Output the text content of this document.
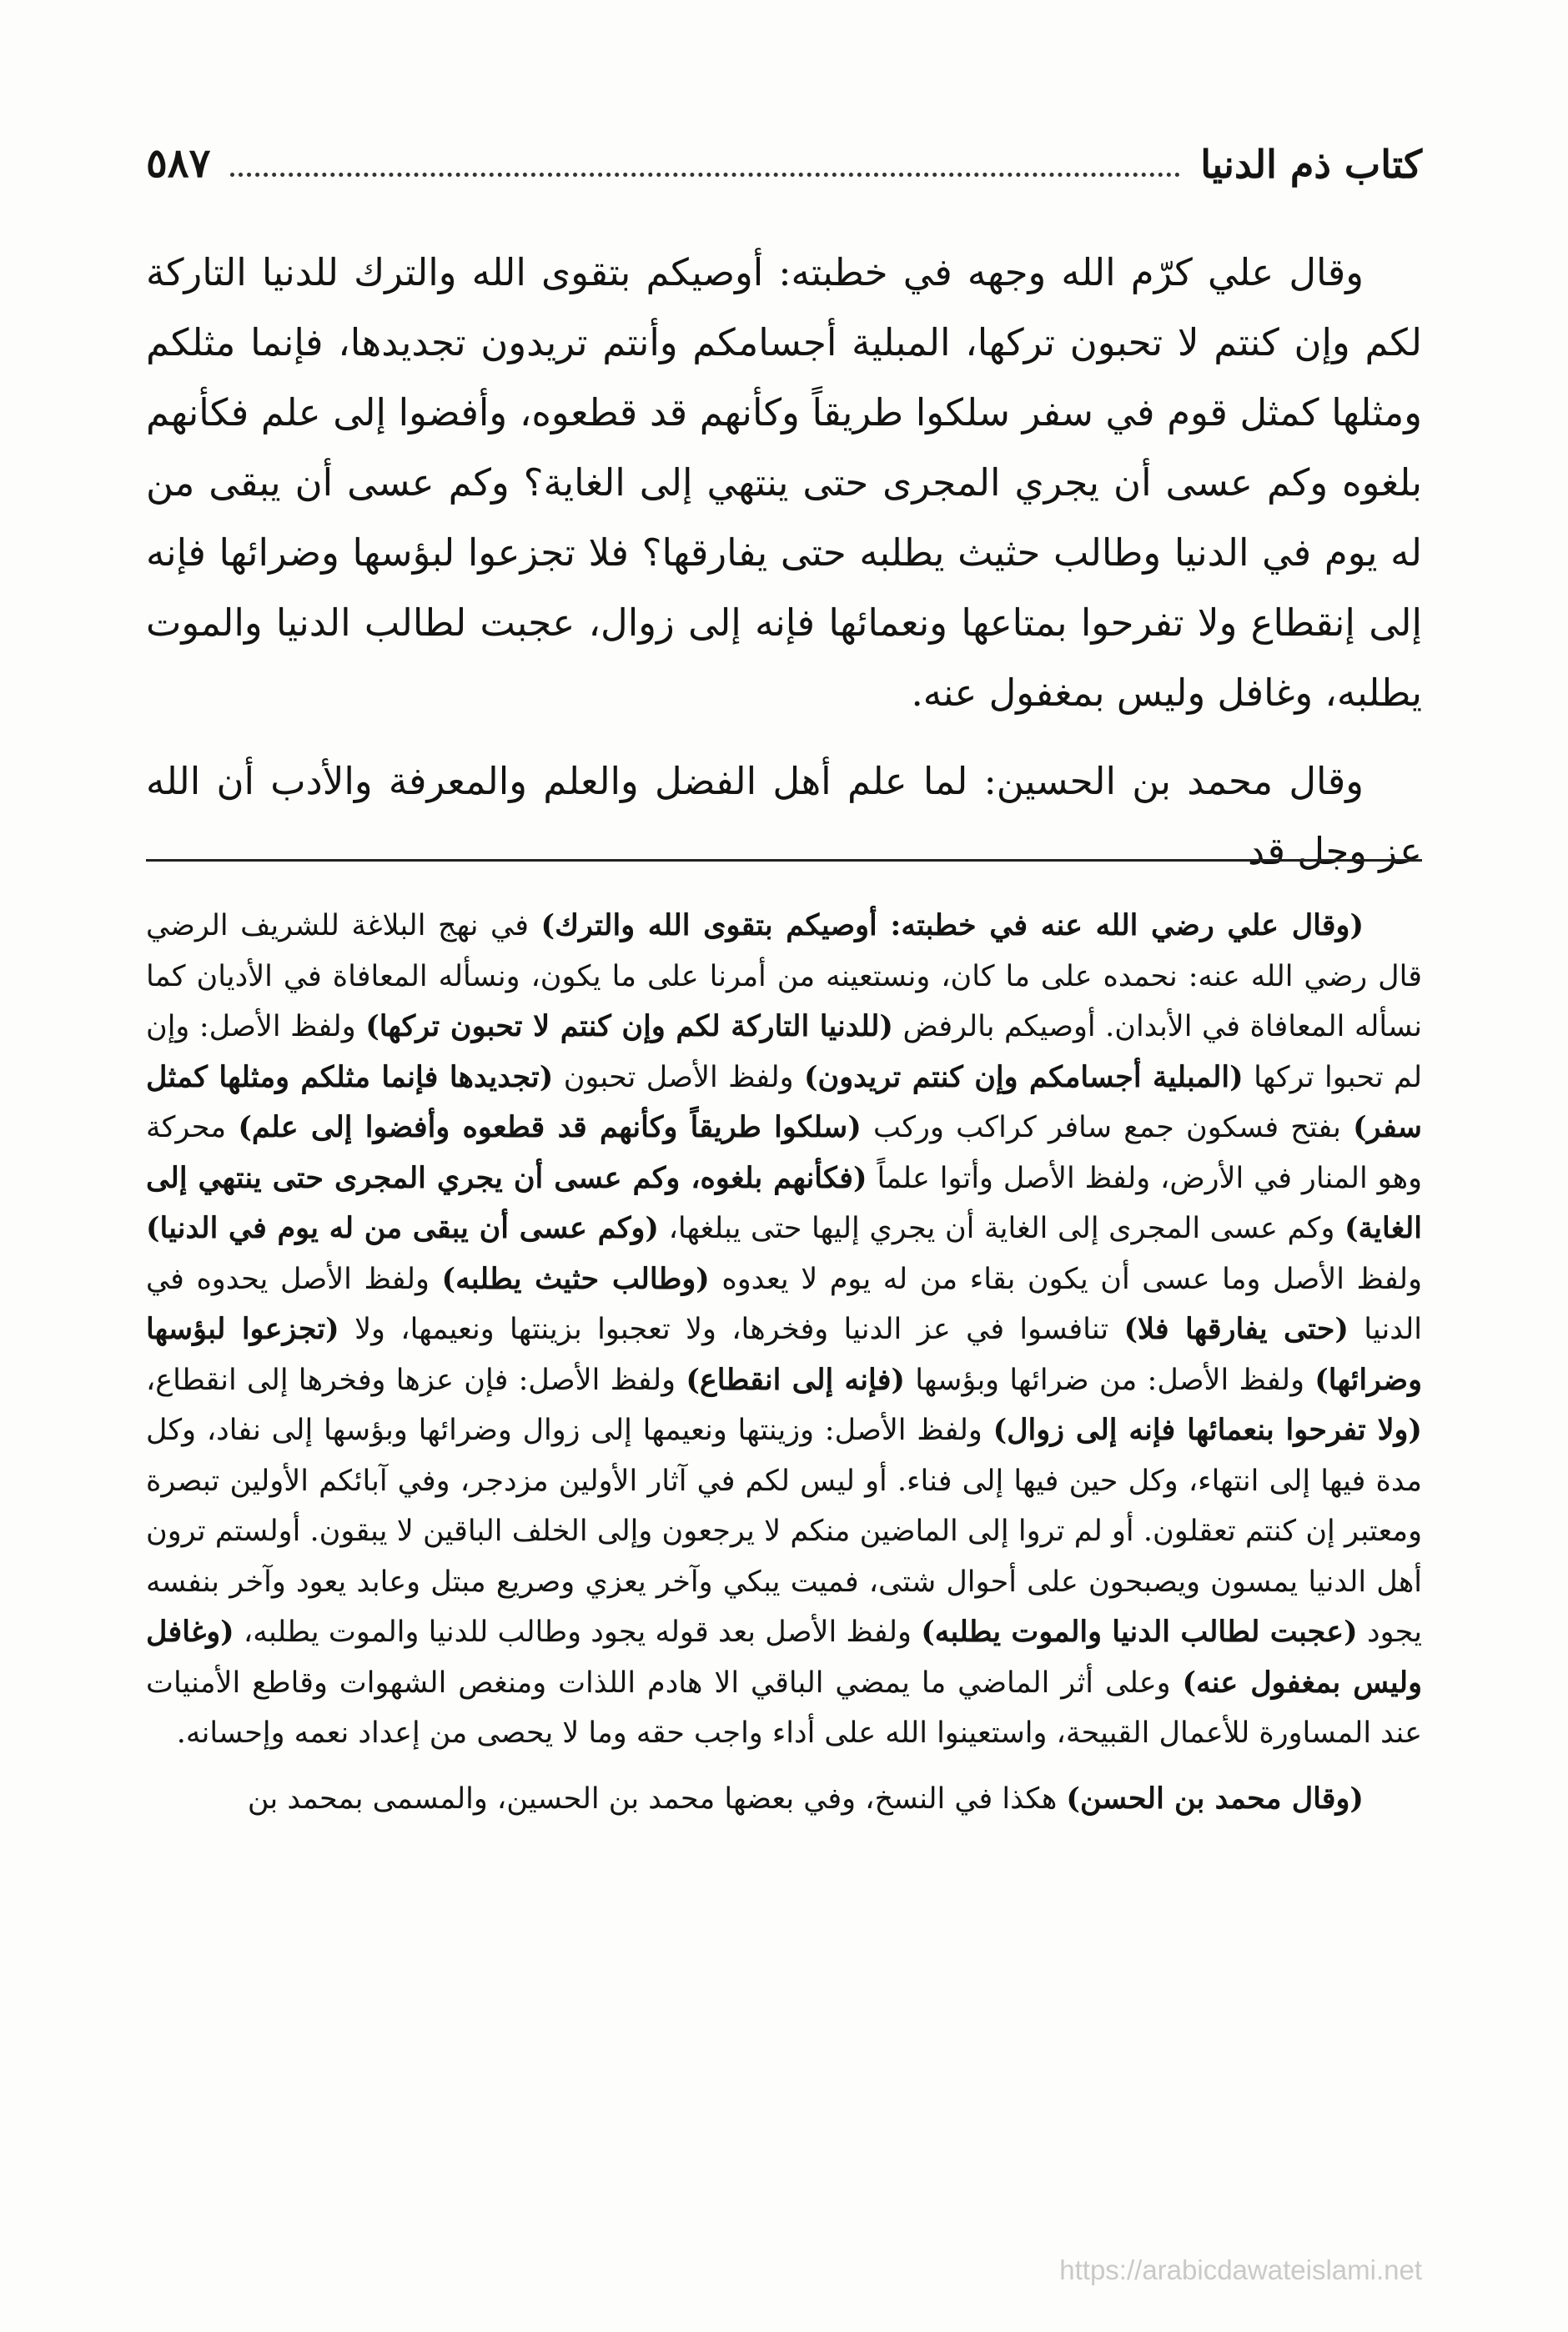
كتاب ذم الدنيا
٥٨٧

وقال علي كرّم الله وجهه في خطبته: أوصيكم بتقوى الله والترك للدنيا التاركة لكم وإن كنتم لا تحبون تركها، المبلية أجسامكم وأنتم تريدون تجديدها، فإنما مثلكم ومثلها كمثل قوم في سفر سلكوا طريقاً وكأنهم قد قطعوه، وأفضوا إلى علم فكأنهم بلغوه وكم عسى أن يجري المجرى حتى ينتهي إلى الغاية؟ وكم عسى أن يبقى من له يوم في الدنيا وطالب حثيث يطلبه حتى يفارقها؟ فلا تجزعوا لبؤسها وضرائها فإنه إلى إنقطاع ولا تفرحوا بمتاعها ونعمائها فإنه إلى زوال، عجبت لطالب الدنيا والموت يطلبه، وغافل وليس بمغفول عنه.

وقال محمد بن الحسين: لما علم أهل الفضل والعلم والمعرفة والأدب أن الله عز وجل قد

(وقال علي رضي الله عنه في خطبته: أوصيكم بتقوى الله والترك) في نهج البلاغة للشريف الرضي قال رضي الله عنه: نحمده على ما كان، ونستعينه من أمرنا على ما يكون، ونسأله المعافاة في الأديان كما نسأله المعافاة في الأبدان. أوصيكم بالرفض (للدنيا التاركة لكم وإن كنتم لا تحبون تركها) ولفظ الأصل: وإن لم تحبوا تركها (المبلية أجسامكم وإن كنتم تريدون) ولفظ الأصل تحبون (تجديدها فإنما مثلكم ومثلها كمثل سفر) بفتح فسكون جمع سافر كراكب وركب (سلكوا طريقاً وكأنهم قد قطعوه وأفضوا إلى علم) محركة وهو المنار في الأرض، ولفظ الأصل وأتوا علماً (فكأنهم بلغوه، وكم عسى أن يجري المجرى حتى ينتهي إلى الغاية) وكم عسى المجرى إلى الغاية أن يجري إليها حتى يبلغها، (وكم عسى أن يبقى من له يوم في الدنيا) ولفظ الأصل وما عسى أن يكون بقاء من له يوم لا يعدوه (وطالب حثيث يطلبه) ولفظ الأصل يحدوه في الدنيا (حتى يفارقها فلا) تنافسوا في عز الدنيا وفخرها، ولا تعجبوا بزينتها ونعيمها، ولا (تجزعوا لبؤسها وضرائها) ولفظ الأصل: من ضرائها وبؤسها (فإنه إلى انقطاع) ولفظ الأصل: فإن عزها وفخرها إلى انقطاع، (ولا تفرحوا بنعمائها فإنه إلى زوال) ولفظ الأصل: وزينتها ونعيمها إلى زوال وضرائها وبؤسها إلى نفاد، وكل مدة فيها إلى انتهاء، وكل حين فيها إلى فناء. أو ليس لكم في آثار الأولين مزدجر، وفي آبائكم الأولين تبصرة ومعتبر إن كنتم تعقلون. أو لم تروا إلى الماضين منكم لا يرجعون وإلى الخلف الباقين لا يبقون. أولستم ترون أهل الدنيا يمسون ويصبحون على أحوال شتى، فميت يبكي وآخر يعزي وصريع مبتل وعابد يعود وآخر بنفسه يجود (عجبت لطالب الدنيا والموت يطلبه) ولفظ الأصل بعد قوله يجود وطالب للدنيا والموت يطلبه، (وغافل وليس بمغفول عنه) وعلى أثر الماضي ما يمضي الباقي الا هادم اللذات ومنغص الشهوات وقاطع الأمنيات عند المساورة للأعمال القبيحة، واستعينوا الله على أداء واجب حقه وما لا يحصى من إعداد نعمه وإحسانه.

(وقال محمد بن الحسن) هكذا في النسخ، وفي بعضها محمد بن الحسين، والمسمى بمحمد بن

https://arabicdawateislami.net
